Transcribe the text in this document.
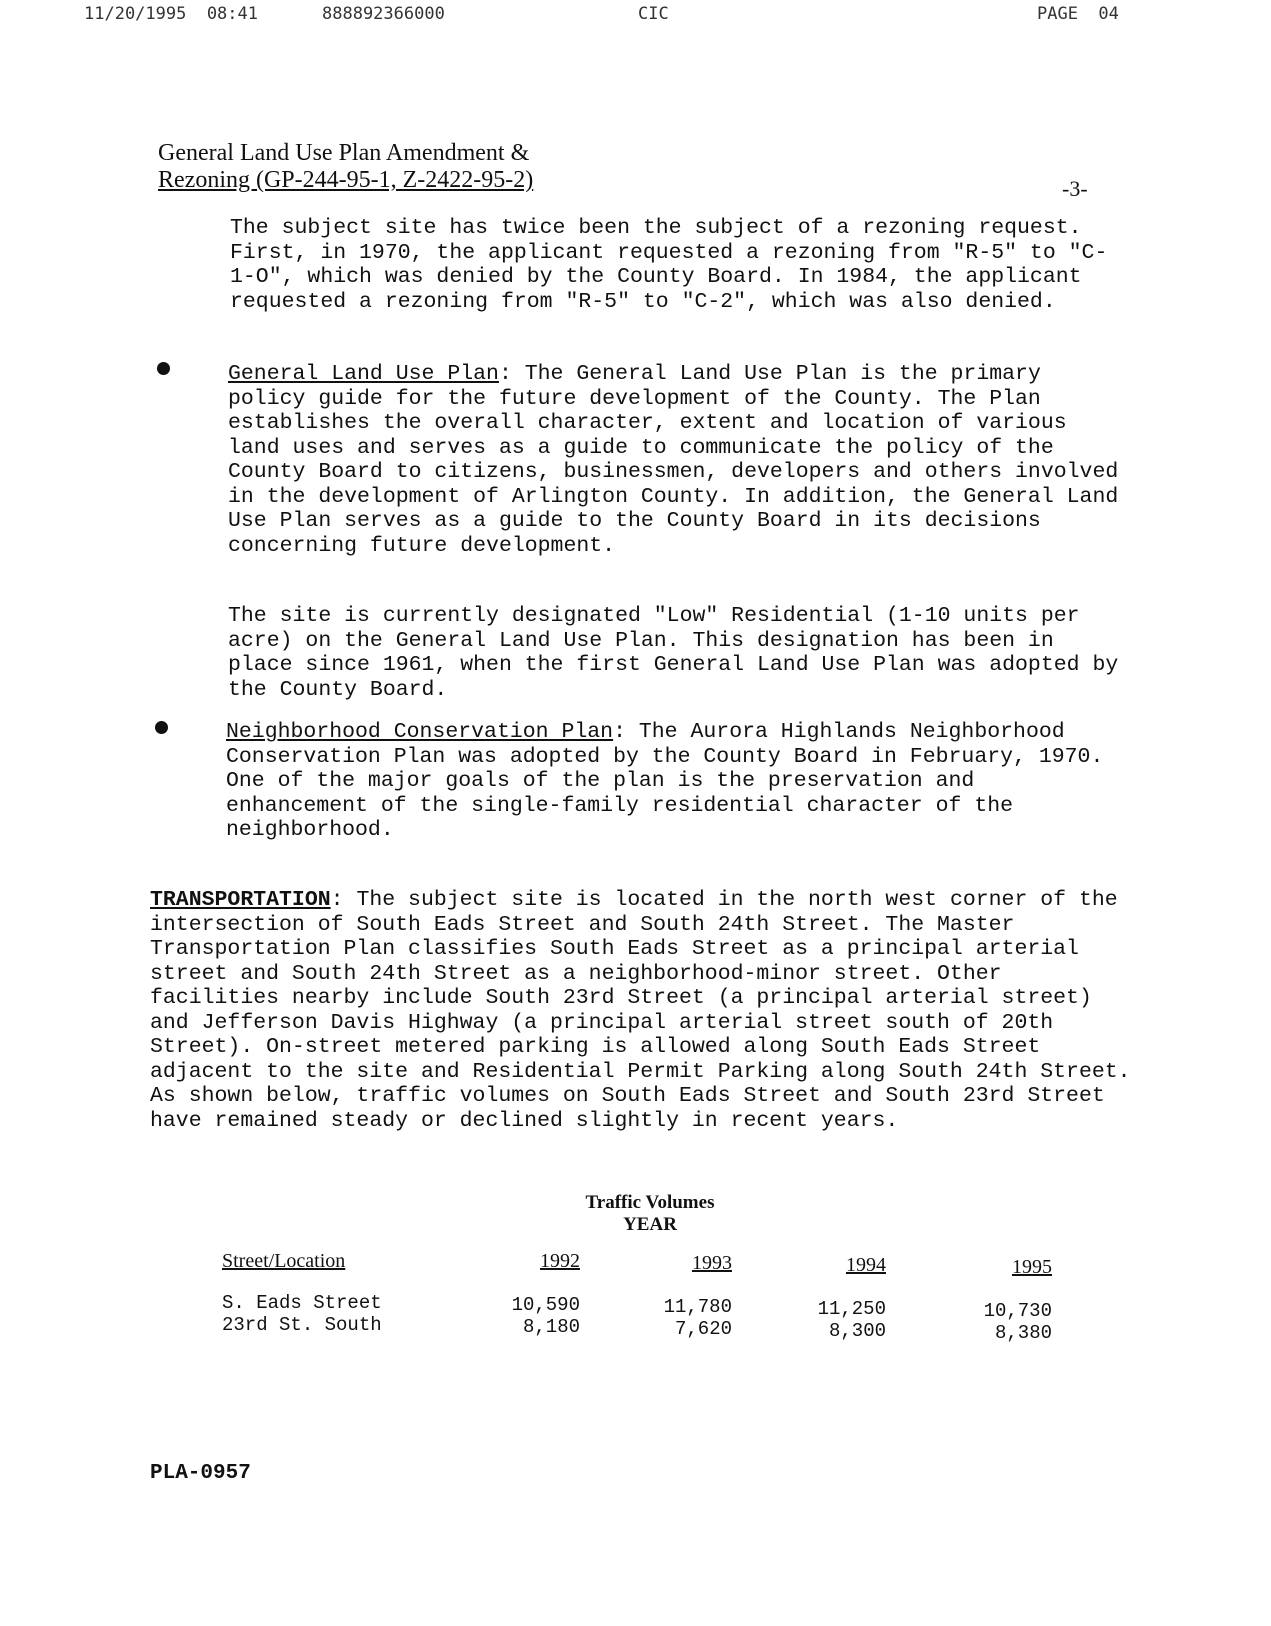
11/20/1995  08:41	888892366000	CIC	PAGE  04
General Land Use Plan Amendment &
Rezoning (GP-244-95-1, Z-2422-95-2)	-3-

The subject site has twice been the subject of a rezoning request. First, in 1970, the applicant requested a rezoning from "R-5" to "C-1-O", which was denied by the County Board. In 1984, the applicant requested a rezoning from "R-5" to "C-2", which was also denied.

General Land Use Plan: The General Land Use Plan is the primary policy guide for the future development of the County. The Plan establishes the overall character, extent and location of various land uses and serves as a guide to communicate the policy of the County Board to citizens, businessmen, developers and others involved in the development of Arlington County. In addition, the General Land Use Plan serves as a guide to the County Board in its decisions concerning future development.

The site is currently designated "Low" Residential (1-10 units per acre) on the General Land Use Plan. This designation has been in place since 1961, when the first General Land Use Plan was adopted by the County Board.

Neighborhood Conservation Plan: The Aurora Highlands Neighborhood Conservation Plan was adopted by the County Board in February, 1970. One of the major goals of the plan is the preservation and enhancement of the single-family residential character of the neighborhood.

TRANSPORTATION: The subject site is located in the north west corner of the intersection of South Eads Street and South 24th Street. The Master Transportation Plan classifies South Eads Street as a principal arterial street and South 24th Street as a neighborhood-minor street. Other facilities nearby include South 23rd Street (a principal arterial street) and Jefferson Davis Highway (a principal arterial street south of 20th Street). On-street metered parking is allowed along South Eads Street adjacent to the site and Residential Permit Parking along South 24th Street. As shown below, traffic volumes on South Eads Street and South 23rd Street have remained steady or declined slightly in recent years.

Traffic Volumes
YEAR
Street/Location	1992	1993	1994	1995
S. Eads Street	10,590	11,780	11,250	10,730
23rd St. South	8,180	7,620	8,300	8,380
PLA-0957
